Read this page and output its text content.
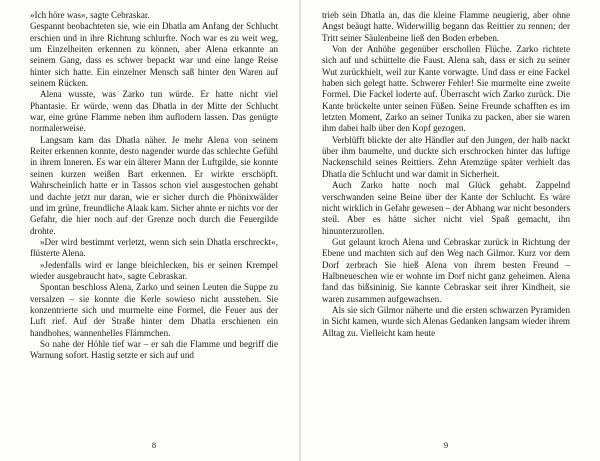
»Ich höre was«, sagte Cebraskar.

Gespannt beobachteten sie, wie ein Dhatla am Anfang der Schlucht erschien und in ihre Richtung schlurfte. Noch war es zu weit weg, um Einzelheiten erkennen zu können, aber Alena erkannte an seinem Gang, dass es schwer bepackt war und eine lange Reise hinter sich hatte. Ein einzelner Mensch saß hinter den Waren auf seinem Rücken.

Alena wusste, was Zarko tun würde. Er hatte nicht viel Phantasie. Er würde, wenn das Dhatla in der Mitte der Schlucht war, eine grüne Flamme neben ihm auflodern lassen. Das genügte normalerweise.

Langsam kam das Dhatla näher. Je mehr Alena von seinem Reiter erkennen konnte, desto nagender wurde das schlechte Gefühl in ihrem Inneren. Es war ein älterer Mann der Luftgilde, sie konnte seinen kurzen weißen Bart erkennen. Er wirkte erschöpft. Wahrscheinlich hatte er in Tassos schon viel ausgestochen gehabt und dachte jetzt nur daran, wie er sicher durch die Phönixwälder und im grüne, freundliche Alaak kam. Sicher ahnte er nichts vor der Gefahr, die hier noch auf der Grenze noch durch die Feuergilde drohte.

»Der wird bestimmt verletzt, wenn sich sein Dhatla erschreckt«, flüsterte Alena.

»Jedenfalls wird er lange bleichlecken, bis er seinen Krempel wieder ausgebraucht hat«, sagte Cebraskar.

Spontan beschloss Alena, Zarko und seinen Leuten die Suppe zu versalzen – sie konnte die Kerle sowieso nicht ausstehen. Sie konzentrierte sich und murmelte eine Formel, die Feuer aus der Luft rief. Auf der Straße hinter dem Dhatla erschienen ein handhohes, wannenhelles Flämmchen.

So nahe der Höhle tief war – er sah die Flamme und begriff die Warnung sofort. Hastig setzte er sich auf und

8

trieb sein Dhatla an, das die kleine Flamme neugierig, aber ohne Angst beäugt hatte. Widerwillig begann das Reittier zu rennen; der Tritt seiner Säulenbeine ließ den Boden erbeben.

Von der Anhöhe gegenüber erschollen Flüche. Zarko richtete sich auf und schüttelte die Faust. Alena sah, dass er sich zu seiner Wut zurückhielt, weil zur Kante vorwagte. Und dass er eine Fackel haben sich gelegt hatte. Schwerer Fehler! Sie murmelte eine zweite Formel. Die Fackel loderte auf. Überrascht wich Zarko zurück. Die Kante bröckelte unter seinen Füßen. Seine Freunde schafften es im letzten Moment, Zarko an seiner Tunika zu packen, aber sie waren ihm dabei halb über den Kopf gezogen.

Verblüfft blickte der alte Händler auf den Jungen, der halb nackt über ihm baumelte, und duckte sich erschrocken hinter das luftige Nackenschild seines Reittiers. Zehn Atemzüge später verhielt das Dhatla die Schlucht und war damit in Sicherheit.

Auch Zarko hatte noch mal Glück gehabt. Zappelnd verschwanden seine Beine über der Kante der Schlucht. Es wäre nicht wirklich in Gefahr gewesen – der Abhang war nicht besonders steil. Aber es hätte sicher nicht viel Spaß gemacht, ihn hinunterzurollen.

Gut gelaunt kroch Alena und Cebraskar zurück in Richtung der Ebene und machten sich auf den Weg nach Gilmor. Kurz vor dem Dorf zerbrach Sie hieß Alena von ihrem besten Freund – Halbneueschen wie er wohnte im Dorf nicht ganz geheimen. Alena fand das bißsininig. Sie kannte Cebraskar seit ihrer Kindheit, sie waren zusammen aufgewachsen.

Als sie sich Gilmor näherte und die ersten schwarzen Pyramiden in Sicht kamen, wurde sich Alenas Gedanken langsam wieder ihrem Alltag zu. Vielleicht kam heute

9
